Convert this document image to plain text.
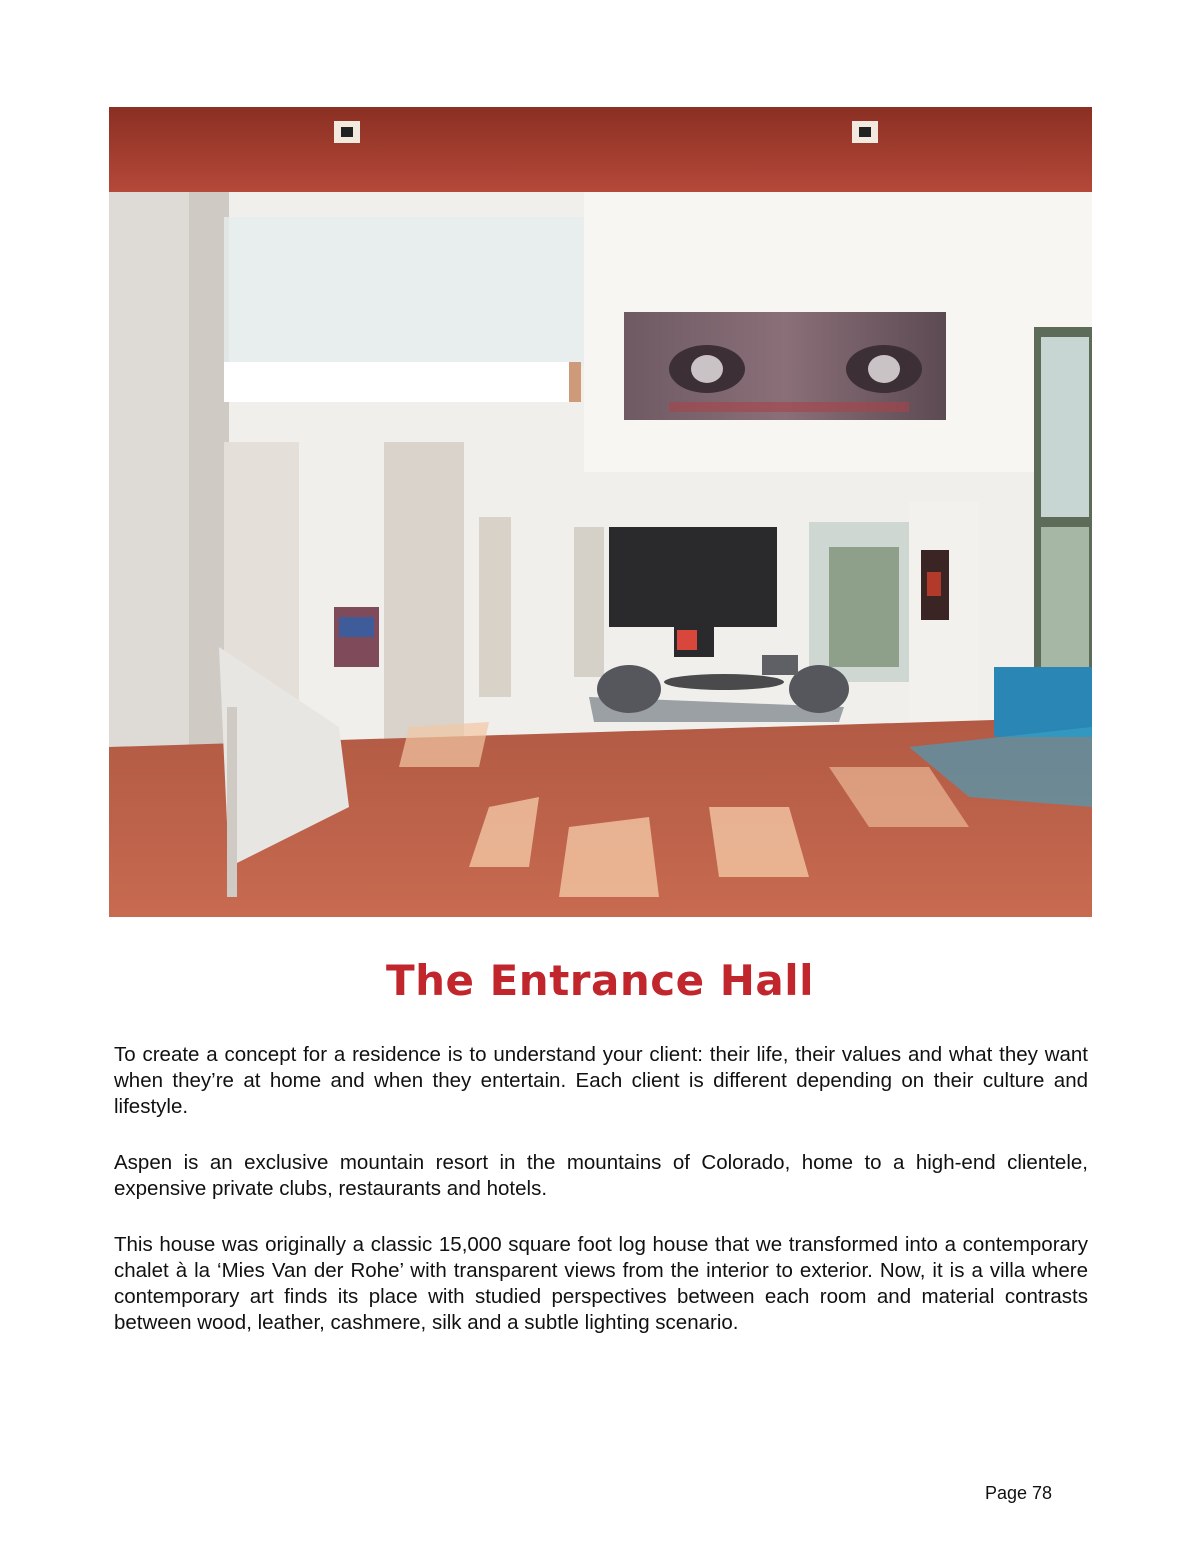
The Entrance Hall

To create a concept for a residence is to understand your client: their life, their values and what they want when they’re at home and when they entertain. Each client is different depending on their culture and lifestyle.

Aspen is an exclusive mountain resort in the mountains of Colorado, home to a high-end clientele, expensive private clubs, restaurants and hotels.

This house was originally a classic 15,000 square foot log house that we transformed into a contemporary chalet à la ‘Mies Van der Rohe’ with transparent views from the interior to exterior. Now, it is a villa where contemporary art finds its place with studied perspectives between each room and material contrasts between wood, leather, cashmere, silk and a subtle lighting scenario.

Page 78
